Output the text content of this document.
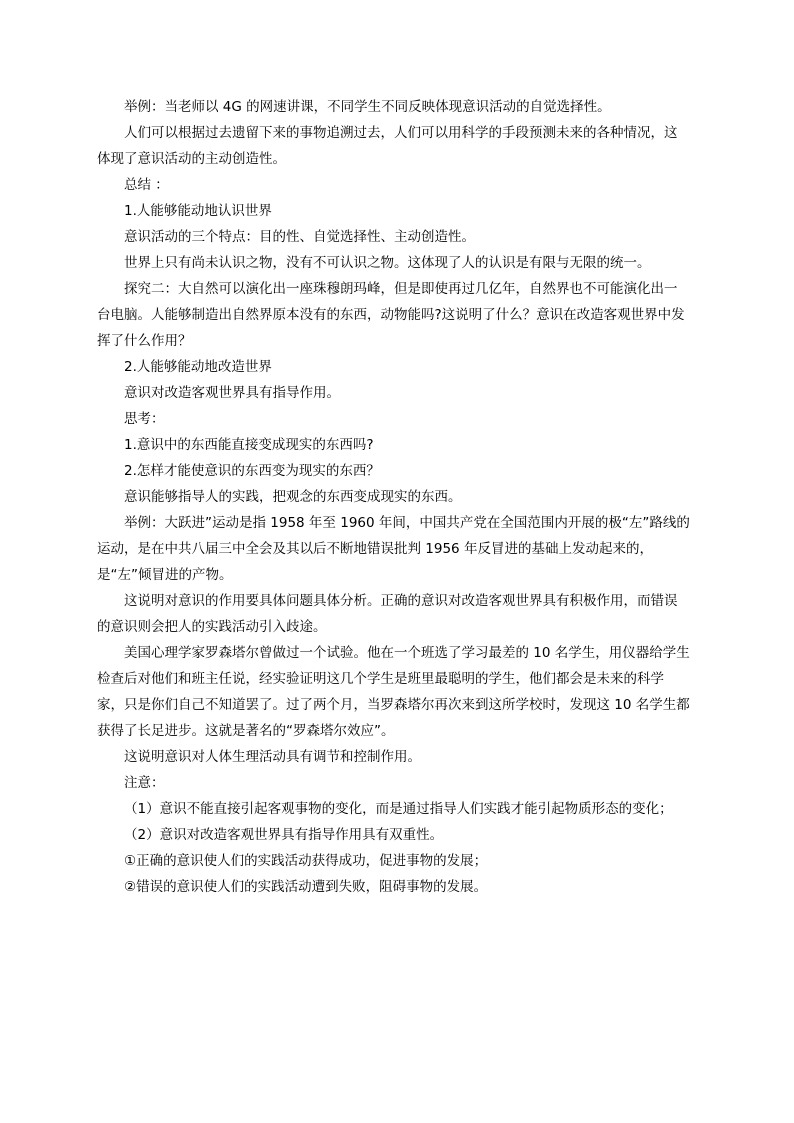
举例：当老师以 4G 的网速讲课，不同学生不同反映体现意识活动的自觉选择性。

人们可以根据过去遗留下来的事物追溯过去，人们可以用科学的手段预测未来的各种情况，这体现了意识活动的主动创造性。

总结 ：

1.人能够能动地认识世界

意识活动的三个特点：目的性、自觉选择性、主动创造性。

世界上只有尚未认识之物，没有不可认识之物。这体现了人的认识是有限与无限的统一。

探究二：大自然可以演化出一座珠穆朗玛峰，但是即使再过几亿年，自然界也不可能演化出一台电脑。人能够制造出自然界原本没有的东西，动物能吗?这说明了什么？意识在改造客观世界中发挥了什么作用？

2.人能够能动地改造世界

意识对改造客观世界具有指导作用。

思考：

1.意识中的东西能直接变成现实的东西吗?

2.怎样才能使意识的东西变为现实的东西？

意识能够指导人的实践，把观念的东西变成现实的东西。

举例：大跃进”运动是指 1958 年至 1960 年间，中国共产党在全国范围内开展的极“左”路线的运动，是在中共八届三中全会及其以后不断地错误批判 1956 年反冒进的基础上发动起来的，是“左”倾冒进的产物。

这说明对意识的作用要具体问题具体分析。正确的意识对改造客观世界具有积极作用，而错误的意识则会把人的实践活动引入歧途。

美国心理学家罗森塔尔曾做过一个试验。他在一个班选了学习最差的 10 名学生，用仪器给学生检查后对他们和班主任说，经实验证明这几个学生是班里最聪明的学生，他们都会是未来的科学家，只是你们自己不知道罢了。过了两个月，当罗森塔尔再次来到这所学校时，发现这 10 名学生都获得了长足进步。这就是著名的“罗森塔尔效应”。

这说明意识对人体生理活动具有调节和控制作用。

注意：

（1）意识不能直接引起客观事物的变化，而是通过指导人们实践才能引起物质形态的变化；

（2）意识对改造客观世界具有指导作用具有双重性。

①正确的意识使人们的实践活动获得成功，促进事物的发展；

②错误的意识使人们的实践活动遭到失败，阻碍事物的发展。
